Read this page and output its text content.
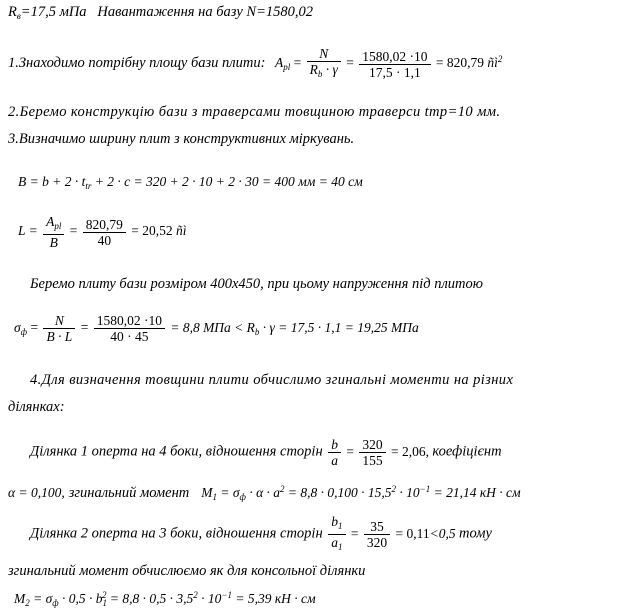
$R_в=17,5$ мПа Навантаження на базу N=1580,02
1.Знаходимо потрібну площу бази плити: $A_{pl} = \frac{N}{R_b \cdot \gamma} = \frac{1580,02 \cdot 10}{17,5 \cdot 1,1} = 820,79$ $ñì^2$
2.Беремо конструкцію бази з траверсами товщиною траверси tтр=10 мм.
3.Визначимо ширину плит з конструктивних міркувань.
$B = b + 2 \cdot t_{tr} + 2 \cdot c = 320 + 2 \cdot 10 + 2 \cdot 30 = 400$ мм = 40 см
$L = \frac{A_{pl}}{B} = \frac{820,79}{40} = 20,52$ ñì
Беремо плиту бази розміром 400х450, при цьому напруження під плитою
$\sigma_ф = \frac{N}{B \cdot L} = \frac{1580,02 \cdot 10}{40 \cdot 45} = 8,8$ МПа < $R_b \cdot \gamma = 17,5 \cdot 1,1 = 19,25$ МПа
4.Для визначення товщини плити обчислимо згинальні моменти на різних
ділянках:
Ділянка 1 оперта на 4 боки, відношення сторін $\frac{b}{a} = \frac{320}{155} = 2,06$, коефіцієнт
α = 0,100, згинальний момент $M_1 = \sigma_ф \cdot \alpha \cdot a^2 = 8,8 \cdot 0,100 \cdot 15,5^2 \cdot 10^{-1} = 21,14$ кН · см
Ділянка 2 оперта на 3 боки, відношення сторін $\frac{b_1}{a_1} = \frac{35}{320} = 0,11<0,5$ тому
згинальний момент обчислюємо як для консольної ділянки
$M_2 = \sigma_ф \cdot 0,5 \cdot b_1^2 = 8,8 \cdot 0,5 \cdot 3,5^2 \cdot 10^{-1} = 5,39$ кН · см
